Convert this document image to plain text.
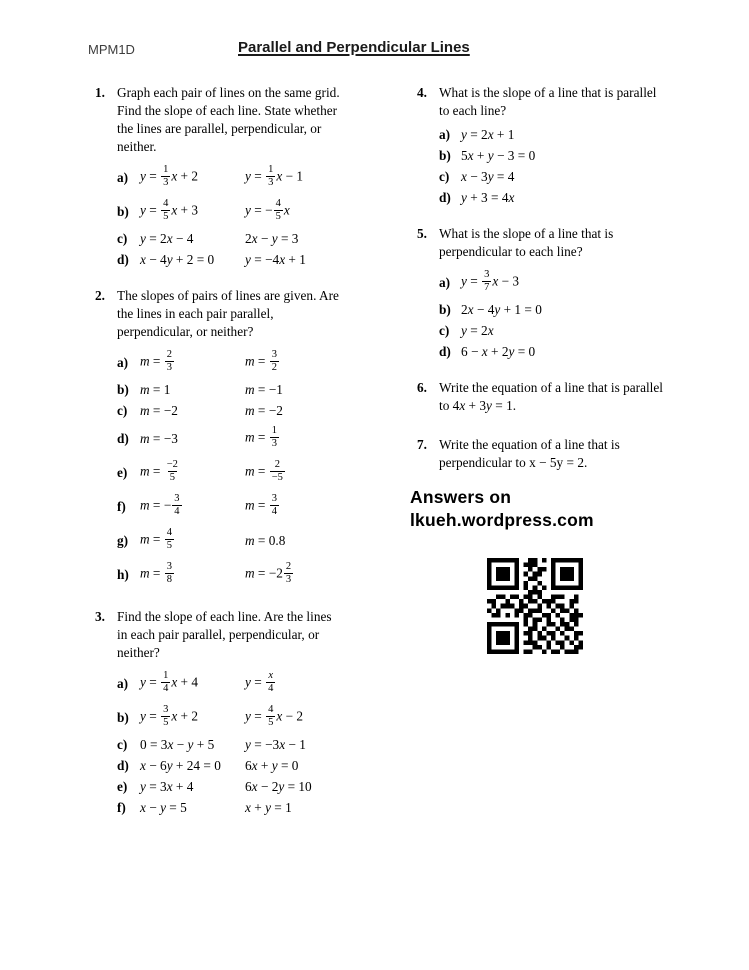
MPM1D	Parallel and Perpendicular Lines
1. Graph each pair of lines on the same grid.
Find the slope of each line. State whether
the lines are parallel, perpendicular, or
neither.
a) $y = \frac{1}{3}$ x + 2	$y = \frac{1}{3}$ x − 1
b) $y = \frac{4}{5}$ x + 3	y = − $\frac{4}{5}$ x
c) y = 2x − 4	2x − y = 3
d) x − 4y + 2 = 0	y = −4x + 1
2. The slopes of pairs of lines are given. Are
the lines in each pair parallel,
perpendicular, or neither?
a) $m = \frac{2}{3}$	$m = \frac{3}{2}$
b) m = 1	m = −1
c) m = −2	m = −2
d) m = −3	$m = \frac{1}{3}$
e) $m = \frac{-2}{5}$	$m = \frac{2}{-5}$
f)	m = − $\frac{3}{4}$	$m = \frac{3}{4}$
g) $m = \frac{4}{5}$	m = 0.8
h) $m = \frac{3}{8}$	$m = -2 \frac{2}{3}$
3. Find the slope of each line. Are the lines
in each pair parallel, perpendicular, or
neither?
a) $y = \frac{1}{4}$ x + 4	$y = \frac{x}{4}$
b) $y = \frac{3}{5}$ x + 2	$y = \frac{4}{5}$ x − 2
c) 0 = 3x − y + 5	y = −3x − 1
d) x − 6y + 24 = 0	6x + y = 0
e) y = 3x + 4	6x − 2y = 10
f)	x − y = 5	x + y = 1
4. What is the slope of a line that is parallel
to each line?
a) y = 2x + 1
b) 5x + y − 3 = 0
c) x − 3y = 4
d) y + 3 = 4x
5. What is the slope of a line that is
perpendicular to each line?
a) $y = \frac{3}{7}$ x − 3
b) 2x − 4y + 1 = 0
c) y = 2x
d) 6 − x + 2y = 0
6. Write the equation of a line that is parallel
to 4x + 3y = 1.
7. Write the equation of a line that is
perpendicular to x − 5y = 2.
Answers on
lkueh.wordpress.com
